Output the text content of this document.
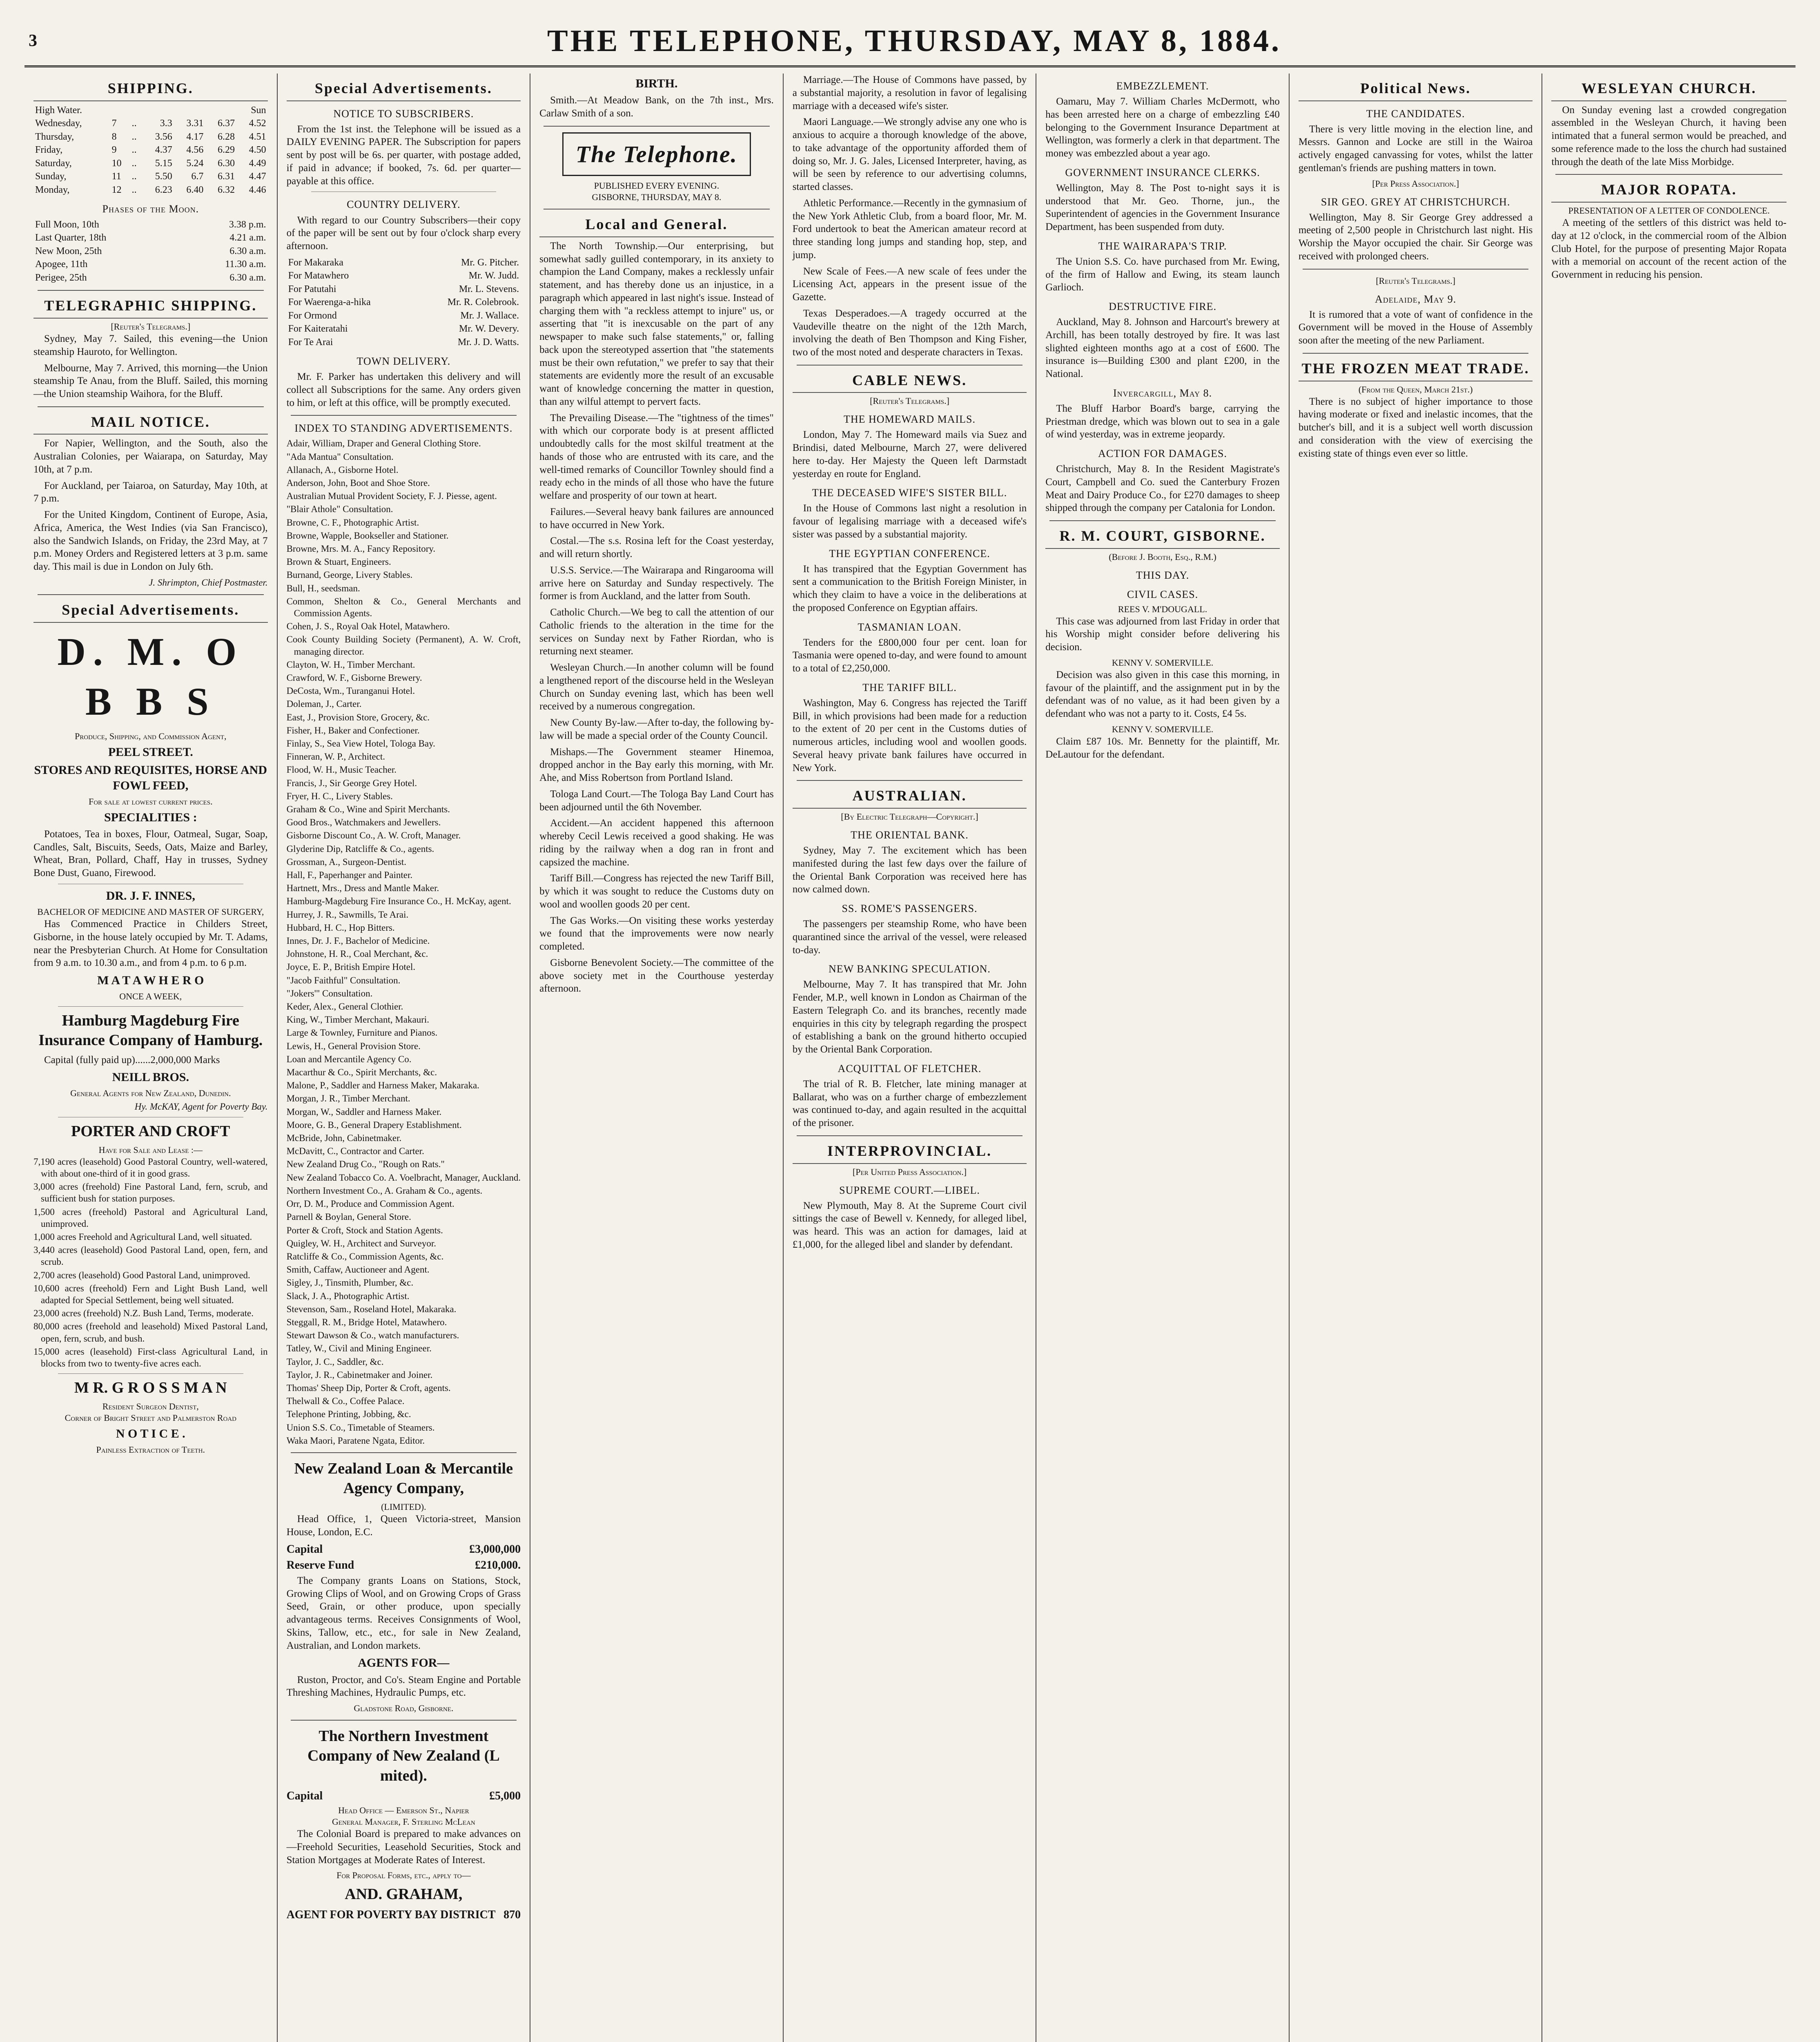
3	THE TELEPHONE, THURSDAY, MAY 8, 1884.
SHIPPING.
High Water.					Sun	
Wednesday,	7	..	3.3	3.31	6.37	4.52
Thursday,	8	..	3.56	4.17	6.28	4.51
Friday,	9	..	4.37	4.56	6.29	4.50
Saturday,	10	..	5.15	5.24	6.30	4.49
Sunday,	11	..	5.50	6.7	6.31	4.47
Monday,	12	..	6.23	6.40	6.32	4.46
Phases of the Moon.
Full Moon, 10th	3.38 p.m.
Last Quarter, 18th	4.21 a.m.
New Moon, 25th	6.30 a.m.
Apogee, 11th	11.30 a.m.
Perigee, 25th	6.30 a.m.
TELEGRAPHIC SHIPPING.
[Reuter's Telegrams.]

Sydney, May 7. Sailed, this evening—the Union steamship Hauroto, for Wellington.

Melbourne, May 7. Arrived, this morning—the Union steamship Te Anau, from the Bluff. Sailed, this morning—the Union steamship Waihora, for the Bluff.

MAIL NOTICE.

For Napier, Wellington, and the South, also the Australian Colonies, per Waiarapa, on Saturday, May 10th, at 7 p.m.

For Auckland, per Taiaroa, on Saturday, May 10th, at 7 p.m.

For the United Kingdom, Continent of Europe, Asia, Africa, America, the West Indies (via San Francisco), also the Sandwich Islands, on Friday, the 23rd May, at 7 p.m. Money Orders and Registered letters at 3 p.m. same day. This mail is due in London on July 6th.

J. Shrimpton, Chief Postmaster.
Special Advertisements.
D. M. O B B S
Produce, Shipping, and Commission Agent,
PEEL STREET.
STORES AND REQUISITES, HORSE AND FOWL FEED,
For sale at lowest current prices.
SPECIALITIES :

Potatoes, Tea in boxes, Flour, Oatmeal, Sugar, Soap, Candles, Salt, Biscuits, Seeds, Oats, Maize and Barley, Wheat, Bran, Pollard, Chaff, Hay in trusses, Sydney Bone Dust, Guano, Firewood.

DR. J. F. INNES,
BACHELOR OF MEDICINE AND MASTER OF SURGERY,

Has Commenced Practice in Childers Street, Gisborne, in the house lately occupied by Mr. T. Adams, near the Presbyterian Church. At Home for Consultation from 9 a.m. to 10.30 a.m., and from 4 p.m. to 6 p.m.

M A T A W H E R O
ONCE A WEEK,
Hamburg Magdeburg Fire Insurance Company of Hamburg.

Capital (fully paid up)......2,000,000 Marks

NEILL BROS.
General Agents for New Zealand, Dunedin.
Hy. McKAY, Agent for Poverty Bay.
PORTER AND CROFT
Have for Sale and Lease :—
7,190 acres (leasehold) Good Pastoral Country, well-watered, with about one-third of it in good grass.
3,000 acres (freehold) Fine Pastoral Land, fern, scrub, and sufficient bush for station purposes.
1,500 acres (freehold) Pastoral and Agricultural Land, unimproved.
1,000 acres Freehold and Agricultural Land, well situated.
3,440 acres (leasehold) Good Pastoral Land, open, fern, and scrub.
2,700 acres (leasehold) Good Pastoral Land, unimproved.
10,600 acres (freehold) Fern and Light Bush Land, well adapted for Special Settlement, being well situated.
23,000 acres (freehold) N.Z. Bush Land, Terms, moderate.
80,000 acres (freehold and leasehold) Mixed Pastoral Land, open, fern, scrub, and bush.
15,000 acres (leasehold) First-class Agricultural Land, in blocks from two to twenty-five acres each.
M R. G R O S S M A N
Resident Surgeon Dentist,
Corner of Bright Street and Palmerston Road
N O T I C E .
Painless Extraction of Teeth.
Special Advertisements.
NOTICE TO SUBSCRIBERS.

From the 1st inst. the Telephone will be issued as a DAILY EVENING PAPER. The Subscription for papers sent by post will be 6s. per quarter, with postage added, if paid in advance; if booked, 7s. 6d. per quarter—payable at this office.

COUNTRY DELIVERY.

With regard to our Country Subscribers—their copy of the paper will be sent out by four o'clock sharp every afternoon.

For Makaraka	Mr. G. Pitcher.
For Matawhero	Mr. W. Judd.
For Patutahi	Mr. L. Stevens.
For Waerenga-a-hika	Mr. R. Colebrook.
For Ormond	Mr. J. Wallace.
For Kaiteratahi	Mr. W. Devery.
For Te Arai	Mr. J. D. Watts.
TOWN DELIVERY.

Mr. F. Parker has undertaken this delivery and will collect all Subscriptions for the same. Any orders given to him, or left at this office, will be promptly executed.

INDEX TO STANDING ADVERTISEMENTS.
Adair, William, Draper and General Clothing Store.
"Ada Mantua" Consultation.
Allanach, A., Gisborne Hotel.
Anderson, John, Boot and Shoe Store.
Australian Mutual Provident Society, F. J. Piesse, agent.
"Blair Athole" Consultation.
Browne, C. F., Photographic Artist.
Browne, Wapple, Bookseller and Stationer.
Browne, Mrs. M. A., Fancy Repository.
Brown & Stuart, Engineers.
Burnand, George, Livery Stables.
Bull, H., seedsman.
Common, Shelton & Co., General Merchants and Commission Agents.
Cohen, J. S., Royal Oak Hotel, Matawhero.
Cook County Building Society (Permanent), A. W. Croft, managing director.
Clayton, W. H., Timber Merchant.
Crawford, W. F., Gisborne Brewery.
DeCosta, Wm., Turanganui Hotel.
Doleman, J., Carter.
East, J., Provision Store, Grocery, &c.
Fisher, H., Baker and Confectioner.
Finlay, S., Sea View Hotel, Tologa Bay.
Finneran, W. P., Architect.
Flood, W. H., Music Teacher.
Francis, J., Sir George Grey Hotel.
Fryer, H. C., Livery Stables.
Graham & Co., Wine and Spirit Merchants.
Good Bros., Watchmakers and Jewellers.
Gisborne Discount Co., A. W. Croft, Manager.
Glyderine Dip, Ratcliffe & Co., agents.
Grossman, A., Surgeon-Dentist.
Hall, F., Paperhanger and Painter.
Hartnett, Mrs., Dress and Mantle Maker.
Hamburg-Magdeburg Fire Insurance Co., H. McKay, agent.
Hurrey, J. R., Sawmills, Te Arai.
Hubbard, H. C., Hop Bitters.
Innes, Dr. J. F., Bachelor of Medicine.
Johnstone, H. R., Coal Merchant, &c.
Joyce, E. P., British Empire Hotel.
"Jacob Faithful" Consultation.
"Jokers'" Consultation.
Keder, Alex., General Clothier.
King, W., Timber Merchant, Makauri.
Large & Townley, Furniture and Pianos.
Lewis, H., General Provision Store.
Loan and Mercantile Agency Co.
Macarthur & Co., Spirit Merchants, &c.
Malone, P., Saddler and Harness Maker, Makaraka.
Morgan, J. R., Timber Merchant.
Morgan, W., Saddler and Harness Maker.
Moore, G. B., General Drapery Establishment.
McBride, John, Cabinetmaker.
McDavitt, C., Contractor and Carter.
New Zealand Drug Co., "Rough on Rats."
New Zealand Tobacco Co. A. Voelbracht, Manager, Auckland.
Northern Investment Co., A. Graham & Co., agents.
Orr, D. M., Produce and Commission Agent.
Parnell & Boylan, General Store.
Porter & Croft, Stock and Station Agents.
Quigley, W. H., Architect and Surveyor.
Ratcliffe & Co., Commission Agents, &c.
Smith, Caffaw, Auctioneer and Agent.
Sigley, J., Tinsmith, Plumber, &c.
Slack, J. A., Photographic Artist.
Stevenson, Sam., Roseland Hotel, Makaraka.
Steggall, R. M., Bridge Hotel, Matawhero.
Stewart Dawson & Co., watch manufacturers.
Tatley, W., Civil and Mining Engineer.
Taylor, J. C., Saddler, &c.
Taylor, J. R., Cabinetmaker and Joiner.
Thomas' Sheep Dip, Porter & Croft, agents.
Thelwall & Co., Coffee Palace.
Telephone Printing, Jobbing, &c.
Union S.S. Co., Timetable of Steamers.
Waka Maori, Paratene Ngata, Editor.
New Zealand Loan & Mercantile Agency Company,
(LIMITED).

Head Office, 1, Queen Victoria-street, Mansion House, London, E.C.

Capital	£3,000,000
Reserve Fund	£210,000.

The Company grants Loans on Stations, Stock, Growing Clips of Wool, and on Growing Crops of Grass Seed, Grain, or other produce, upon specially advantageous terms. Receives Consignments of Wool, Skins, Tallow, etc., etc., for sale in New Zealand, Australian, and London markets.

AGENTS FOR—

Ruston, Proctor, and Co's. Steam Engine and Portable Threshing Machines, Hydraulic Pumps, etc.

Gladstone Road, Gisborne.
The Northern Investment Company of New Zealand (L mited).
Capital	£5,000
Head Office — Emerson St., Napier
General Manager, F. Sterling McLean

The Colonial Board is prepared to make advances on—Freehold Securities, Leasehold Securities, Stock and Station Mortgages at Moderate Rates of Interest.

For Proposal Forms, etc., apply to—
AND. GRAHAM,
AGENT FOR POVERTY BAY DISTRICT 870
BIRTH.

Smith.—At Meadow Bank, on the 7th inst., Mrs. Carlaw Smith of a son.

The Telephone.
PUBLISHED EVERY EVENING.
GISBORNE, THURSDAY, MAY 8.
Local and General.

The North Township.—Our enterprising, but somewhat sadly guilled contemporary, in its anxiety to champion the Land Company, makes a recklessly unfair statement, and has thereby done us an injustice, in a paragraph which appeared in last night's issue. Instead of charging them with "a reckless attempt to injure" us, or asserting that "it is inexcusable on the part of any newspaper to make such false statements," or, falling back upon the stereotyped assertion that "the statements must be their own refutation," we prefer to say that their statements are evidently more the result of an excusable want of knowledge concerning the matter in question, than any wilful attempt to pervert facts.

The Prevailing Disease.—The "tightness of the times" with which our corporate body is at present afflicted undoubtedly calls for the most skilful treatment at the hands of those who are entrusted with its care, and the well-timed remarks of Councillor Townley should find a ready echo in the minds of all those who have the future welfare and prosperity of our town at heart.

Failures.—Several heavy bank failures are announced to have occurred in New York.

Costal.—The s.s. Rosina left for the Coast yesterday, and will return shortly.

U.S.S. Service.—The Wairarapa and Ringarooma will arrive here on Saturday and Sunday respectively. The former is from Auckland, and the latter from South.

Catholic Church.—We beg to call the attention of our Catholic friends to the alteration in the time for the services on Sunday next by Father Riordan, who is returning next steamer.

Wesleyan Church.—In another column will be found a lengthened report of the discourse held in the Wesleyan Church on Sunday evening last, which has been well received by a numerous congregation.

New County By-law.—After to-day, the following by-law will be made a special order of the County Council.

Mishaps.—The Government steamer Hinemoa, dropped anchor in the Bay early this morning, with Mr. Ahe, and Miss Robertson from Portland Island.

Tologa Land Court.—The Tologa Bay Land Court has been adjourned until the 6th November.

Accident.—An accident happened this afternoon whereby Cecil Lewis received a good shaking. He was riding by the railway when a dog ran in front and capsized the machine.

Tariff Bill.—Congress has rejected the new Tariff Bill, by which it was sought to reduce the Customs duty on wool and woollen goods 20 per cent.

The Gas Works.—On visiting these works yesterday we found that the improvements were now nearly completed.

Gisborne Benevolent Society.—The committee of the above society met in the Courthouse yesterday afternoon.

Marriage.—The House of Commons have passed, by a substantial majority, a resolution in favor of legalising marriage with a deceased wife's sister.

Maori Language.—We strongly advise any one who is anxious to acquire a thorough knowledge of the above, to take advantage of the opportunity afforded them of doing so, Mr. J. G. Jales, Licensed Interpreter, having, as will be seen by reference to our advertising columns, started classes.

Athletic Performance.—Recently in the gymnasium of the New York Athletic Club, from a board floor, Mr. M. Ford undertook to beat the American amateur record at three standing long jumps and standing hop, step, and jump.

New Scale of Fees.—A new scale of fees under the Licensing Act, appears in the present issue of the Gazette.

Texas Desperadoes.—A tragedy occurred at the Vaudeville theatre on the night of the 12th March, involving the death of Ben Thompson and King Fisher, two of the most noted and desperate characters in Texas.

CABLE NEWS.
[Reuter's Telegrams.]
THE HOMEWARD MAILS.

London, May 7. The Homeward mails via Suez and Brindisi, dated Melbourne, March 27, were delivered here to-day. Her Majesty the Queen left Darmstadt yesterday en route for England.

THE DECEASED WIFE'S SISTER BILL.

In the House of Commons last night a resolution in favour of legalising marriage with a deceased wife's sister was passed by a substantial majority.

THE EGYPTIAN CONFERENCE.

It has transpired that the Egyptian Government has sent a communication to the British Foreign Minister, in which they claim to have a voice in the deliberations at the proposed Conference on Egyptian affairs.

TASMANIAN LOAN.

Tenders for the £800,000 four per cent. loan for Tasmania were opened to-day, and were found to amount to a total of £2,250,000.

THE TARIFF BILL.

Washington, May 6. Congress has rejected the Tariff Bill, in which provisions had been made for a reduction to the extent of 20 per cent in the Customs duties of numerous articles, including wool and woollen goods. Several heavy private bank failures have occurred in New York.

AUSTRALIAN.
[By Electric Telegraph—Copyright.]
THE ORIENTAL BANK.

Sydney, May 7. The excitement which has been manifested during the last few days over the failure of the Oriental Bank Corporation was received here has now calmed down.

SS. ROME'S PASSENGERS.

The passengers per steamship Rome, who have been quarantined since the arrival of the vessel, were released to-day.

NEW BANKING SPECULATION.

Melbourne, May 7. It has transpired that Mr. John Fender, M.P., well known in London as Chairman of the Eastern Telegraph Co. and its branches, recently made enquiries in this city by telegraph regarding the prospect of establishing a bank on the ground hitherto occupied by the Oriental Bank Corporation.

ACQUITTAL OF FLETCHER.

The trial of R. B. Fletcher, late mining manager at Ballarat, who was on a further charge of embezzlement was continued to-day, and again resulted in the acquittal of the prisoner.

INTERPROVINCIAL.
[Per United Press Association.]
SUPREME COURT.—LIBEL.

New Plymouth, May 8. At the Supreme Court civil sittings the case of Bewell v. Kennedy, for alleged libel, was heard. This was an action for damages, laid at £1,000, for the alleged libel and slander by defendant.

EMBEZZLEMENT.

Oamaru, May 7. William Charles McDermott, who has been arrested here on a charge of embezzling £40 belonging to the Government Insurance Department at Wellington, was formerly a clerk in that department. The money was embezzled about a year ago.

GOVERNMENT INSURANCE CLERKS.

Wellington, May 8. The Post to-night says it is understood that Mr. Geo. Thorne, jun., the Superintendent of agencies in the Government Insurance Department, has been suspended from duty.

THE WAIRARAPA'S TRIP.

The Union S.S. Co. have purchased from Mr. Ewing, of the firm of Hallow and Ewing, its steam launch Garlioch.

DESTRUCTIVE FIRE.

Auckland, May 8. Johnson and Harcourt's brewery at Archill, has been totally destroyed by fire. It was last slighted eighteen months ago at a cost of £600. The insurance is—Building £300 and plant £200, in the National.

Invercargill, May 8.

The Bluff Harbor Board's barge, carrying the Priestman dredge, which was blown out to sea in a gale of wind yesterday, was in extreme jeopardy.

ACTION FOR DAMAGES.

Christchurch, May 8. In the Resident Magistrate's Court, Campbell and Co. sued the Canterbury Frozen Meat and Dairy Produce Co., for £270 damages to sheep shipped through the company per Catalonia for London.

R. M. COURT, GISBORNE.
(Before J. Booth, Esq., R.M.)
THIS DAY.
CIVIL CASES.
REES V. M'DOUGALL.

This case was adjourned from last Friday in order that his Worship might consider before delivering his decision.

KENNY V. SOMERVILLE.

Decision was also given in this case this morning, in favour of the plaintiff, and the assignment put in by the defendant was of no value, as it had been given by a defendant who was not a party to it. Costs, £4 5s.

KENNY V. SOMERVILLE.

Claim £87 10s. Mr. Bennetty for the plaintiff, Mr. DeLautour for the defendant.

Political News.
THE CANDIDATES.

There is very little moving in the election line, and Messrs. Gannon and Locke are still in the Wairoa actively engaged canvassing for votes, whilst the latter gentleman's friends are pushing matters in town.

[Per Press Association.]
SIR GEO. GREY AT CHRISTCHURCH.

Wellington, May 8. Sir George Grey addressed a meeting of 2,500 people in Christchurch last night. His Worship the Mayor occupied the chair. Sir George was received with prolonged cheers.

[Reuter's Telegrams.]
Adelaide, May 9.

It is rumored that a vote of want of confidence in the Government will be moved in the House of Assembly soon after the meeting of the new Parliament.

THE FROZEN MEAT TRADE.
(From the Queen, March 21st.)

There is no subject of higher importance to those having moderate or fixed and inelastic incomes, that the butcher's bill, and it is a subject well worth discussion and consideration with the view of exercising the existing state of things even ever so little.

WESLEYAN CHURCH.

On Sunday evening last a crowded congregation assembled in the Wesleyan Church, it having been intimated that a funeral sermon would be preached, and some reference made to the loss the church had sustained through the death of the late Miss Morbidge.

MAJOR ROPATA.
PRESENTATION OF A LETTER OF CONDOLENCE.

A meeting of the settlers of this district was held to-day at 12 o'clock, in the commercial room of the Albion Club Hotel, for the purpose of presenting Major Ropata with a memorial on account of the recent action of the Government in reducing his pension.
